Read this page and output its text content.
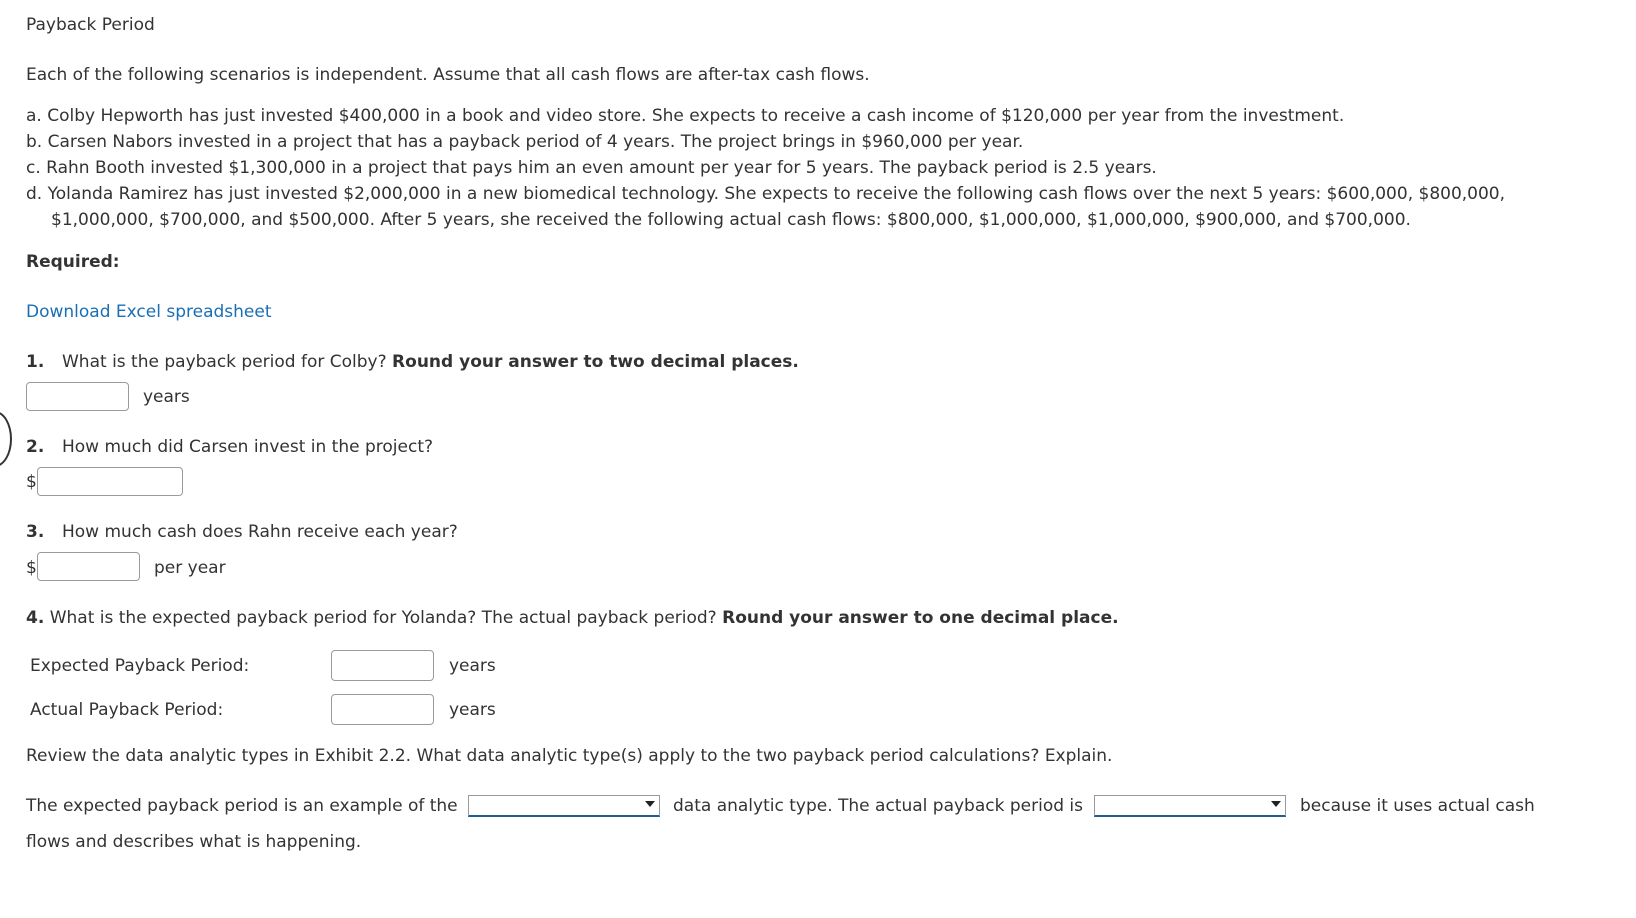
Payback Period
Each of the following scenarios is independent. Assume that all cash flows are after-tax cash flows.
a. Colby Hepworth has just invested $400,000 in a book and video store. She expects to receive a cash income of $120,000 per year from the investment.
b. Carsen Nabors invested in a project that has a payback period of 4 years. The project brings in $960,000 per year.
c. Rahn Booth invested $1,300,000 in a project that pays him an even amount per year for 5 years. The payback period is 2.5 years.
d. Yolanda Ramirez has just invested $2,000,000 in a new biomedical technology. She expects to receive the following cash flows over the next 5 years: $600,000, $800,000,
$1,000,000, $700,000, and $500,000. After 5 years, she received the following actual cash flows: $800,000, $1,000,000, $1,000,000, $900,000, and $700,000.
Required:
Download Excel spreadsheet
1. What is the payback period for Colby? Round your answer to two decimal places.
years
2. How much did Carsen invest in the project?
$
3. How much cash does Rahn receive each year?
$	per year
4. What is the expected payback period for Yolanda? The actual payback period? Round your answer to one decimal place.
Expected Payback Period:	years
Actual Payback Period:	years
Review the data analytic types in Exhibit 2.2. What data analytic type(s) apply to the two payback period calculations? Explain.
The expected payback period is an example of the	data analytic type. The actual payback period is	because it uses actual cash
flows and describes what is happening.
